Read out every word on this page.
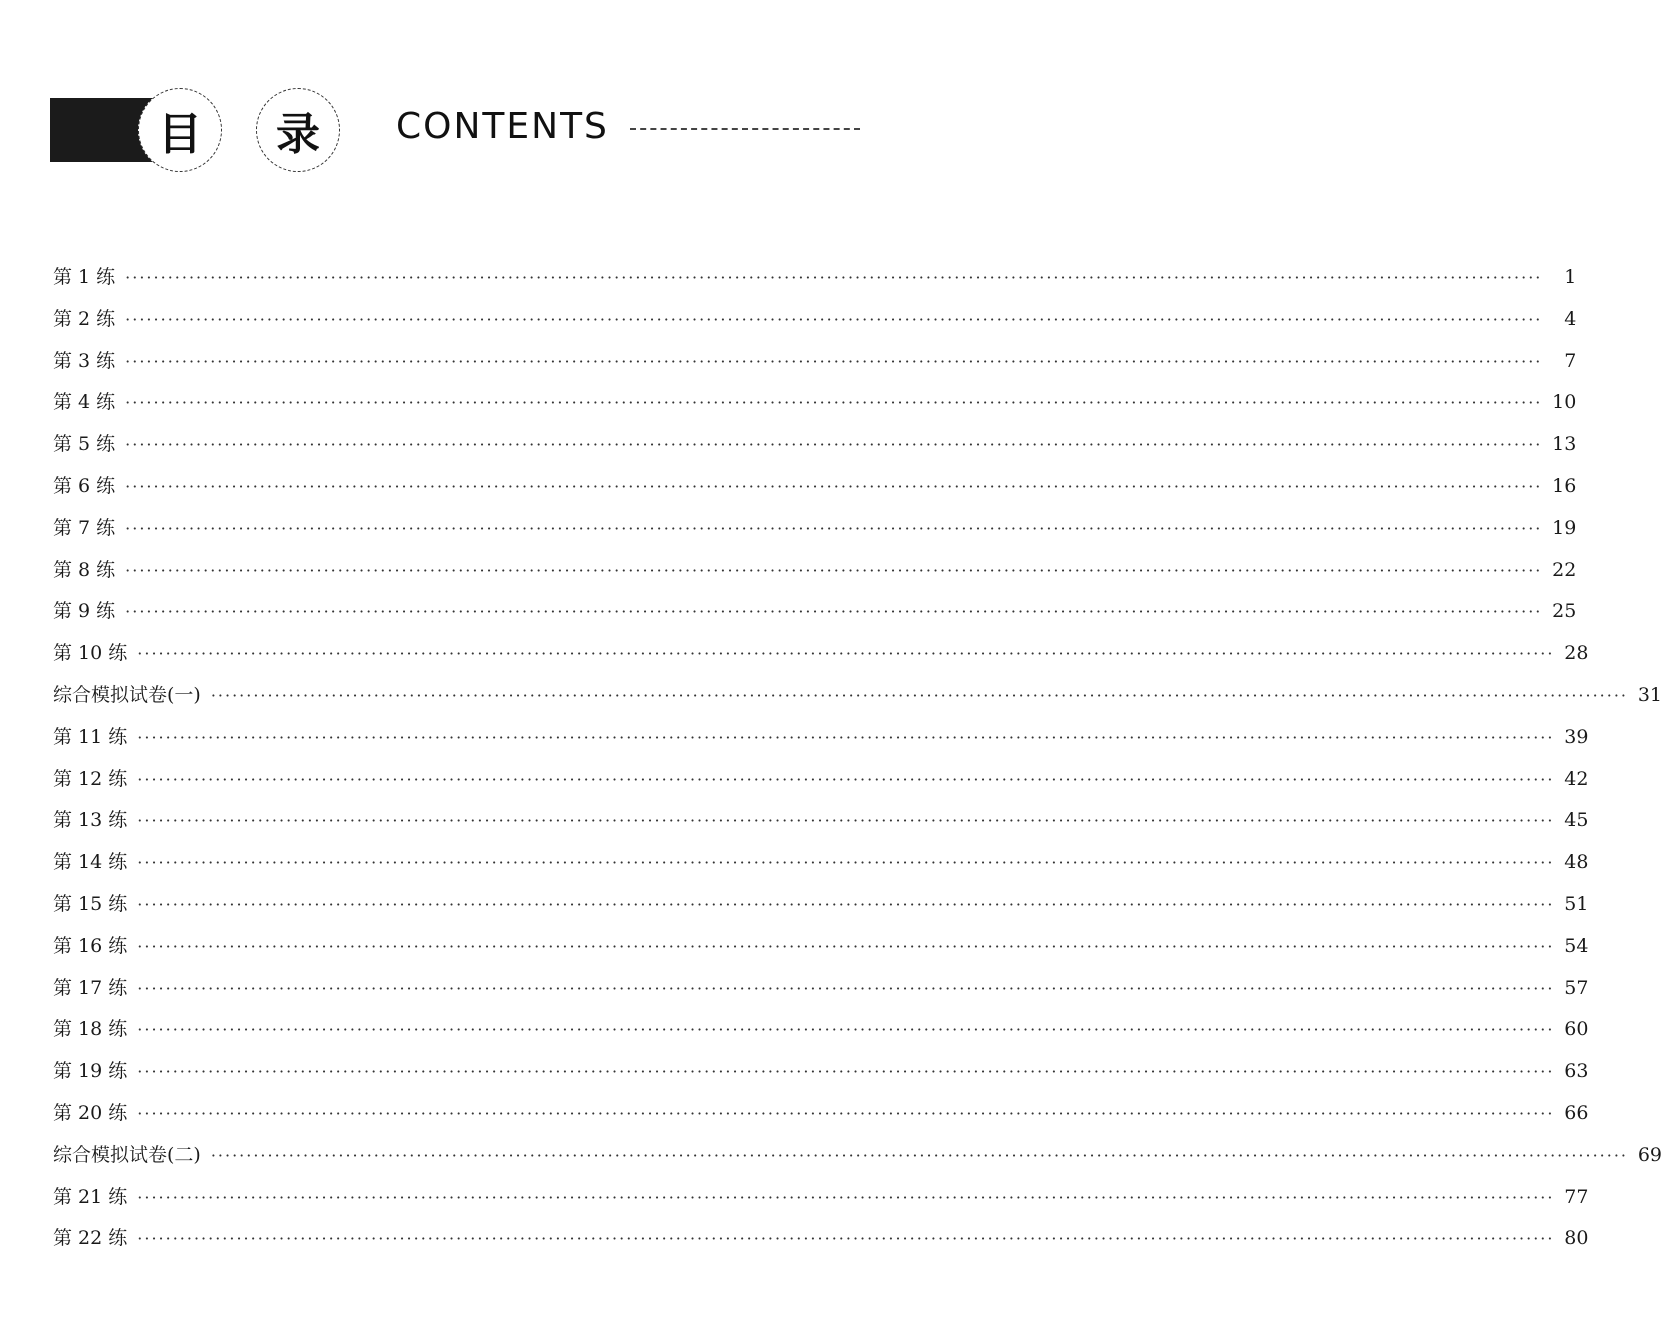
目 录 CONTENTS
第 1 练 ········································································································································································································	1
第 2 练 ········································································································································································································	4
第 3 练 ········································································································································································································	7
第 4 练 ········································································································································································································ 10
第 5 练 ········································································································································································································ 13
第 6 练 ········································································································································································································ 16
第 7 练 ········································································································································································································ 19
第 8 练 ········································································································································································································ 22
第 9 练 ········································································································································································································ 25
第 10 练 ········································································································································································································ 28
综合模拟试卷(一) ········································································································································································································ 31
第 11 练 ········································································································································································································ 39
第 12 练 ········································································································································································································ 42
第 13 练 ········································································································································································································ 45
第 14 练 ········································································································································································································ 48
第 15 练 ········································································································································································································ 51
第 16 练 ········································································································································································································ 54
第 17 练 ········································································································································································································ 57
第 18 练 ········································································································································································································ 60
第 19 练 ········································································································································································································ 63
第 20 练 ········································································································································································································ 66
综合模拟试卷(二) ········································································································································································································ 69
第 21 练 ········································································································································································································ 77
第 22 练 ········································································································································································································ 80
